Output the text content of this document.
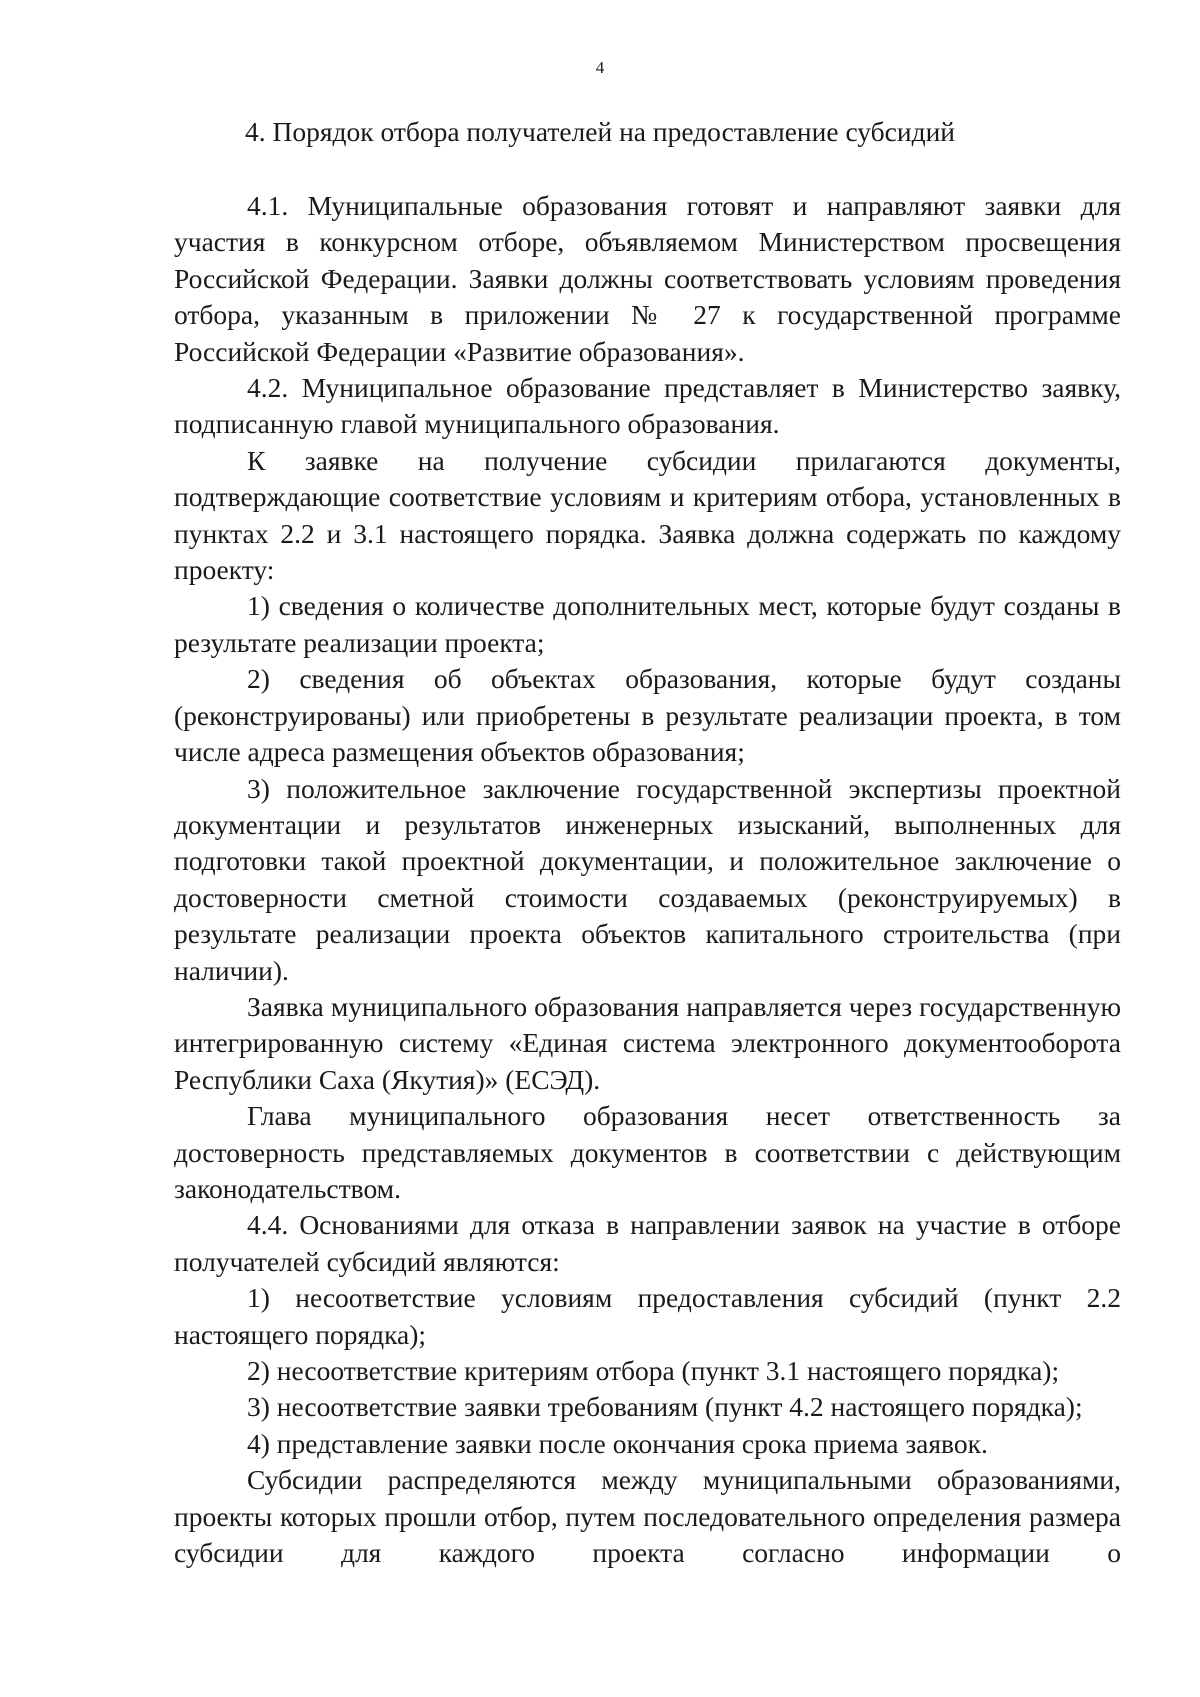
4
4. Порядок отбора получателей на предоставление субсидий

4.1. Муниципальные образования готовят и направляют заявки для участия в конкурсном отборе, объявляемом Министерством просвещения Российской Федерации. Заявки должны соответствовать условиям проведения отбора, указанным в приложении № 27 к государственной программе Российской Федерации «Развитие образования».

4.2. Муниципальное образование представляет в Министерство заявку, подписанную главой муниципального образования.

К заявке на получение субсидии прилагаются документы, подтверждающие соответствие условиям и критериям отбора, установленных в пунктах 2.2 и 3.1 настоящего порядка. Заявка должна содержать по каждому проекту:

1) сведения о количестве дополнительных мест, которые будут созданы в результате реализации проекта;

2) сведения об объектах образования, которые будут созданы (реконструированы) или приобретены в результате реализации проекта, в том числе адреса размещения объектов образования;

3) положительное заключение государственной экспертизы проектной документации и результатов инженерных изысканий, выполненных для подготовки такой проектной документации, и положительное заключение о достоверности сметной стоимости создаваемых (реконструируемых) в результате реализации проекта объектов капитального строительства (при наличии).

Заявка муниципального образования направляется через государственную интегрированную систему «Единая система электронного документооборота Республики Саха (Якутия)» (ЕСЭД).

Глава муниципального образования несет ответственность за достоверность представляемых документов в соответствии с действующим законодательством.

4.4. Основаниями для отказа в направлении заявок на участие в отборе получателей субсидий являются:

1) несоответствие условиям предоставления субсидий (пункт 2.2 настоящего порядка);

2) несоответствие критериям отбора (пункт 3.1 настоящего порядка);

3) несоответствие заявки требованиям (пункт 4.2 настоящего порядка);

4) представление заявки после окончания срока приема заявок.

Субсидии распределяются между муниципальными образованиями, проекты которых прошли отбор, путем последовательного определения размера субсидии для каждого проекта согласно информации о
